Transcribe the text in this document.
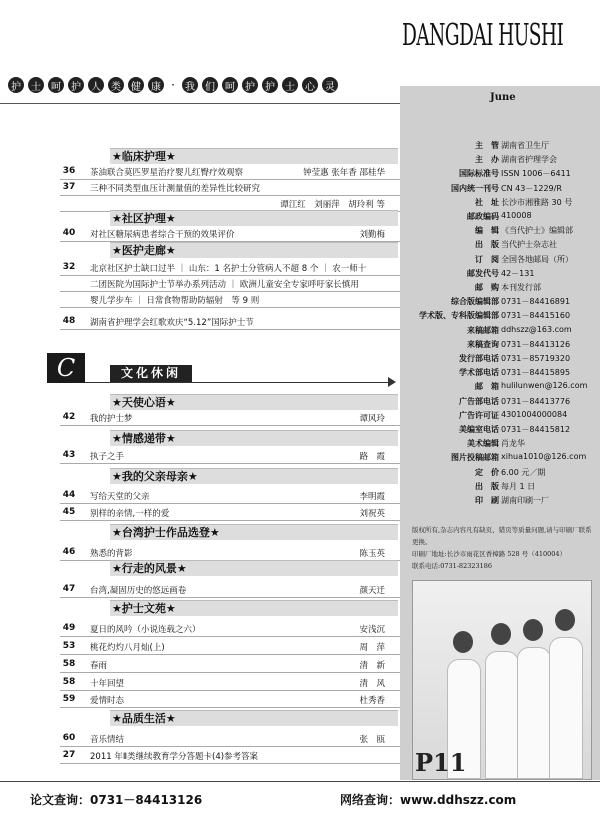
DANGDAI HUSHI
June
护	士	呵	护	人	类	健	康 ·	我	们	呵	护	护	士	心	灵
★临床护理★
36	茶油联合莫匹罗星治疗婴儿红臀疗效观察	钟莹惠 张年香 邵桂华
37	三种不同类型血压计测量值的差异性比较研究
谭江红　刘丽萍　胡玲利 等
★社区护理★
40	对社区糖尿病患者综合干预的效果评价	刘勤梅
★医护走廊★
32	北京社区护士缺口过半 ｜ 山东：1 名护士分管病人不超 8 个 ｜ 农一师十
二团医院为国际护士节举办系列活动 ｜ 欧洲儿童安全专家呼吁家长慎用
婴儿学步车 ｜ 日常食物帮助防辐射　等 9 则
48	湖南省护理学会红歌欢庆“5.12”国际护士节
★天使心语★
42	我的护士梦	谭风玲
★情感递带★
43	执子之手	路　霞
★我的父亲母亲★
44	写给天堂的父亲	李明霞
45	别样的亲情,一样的爱	刘祝英
★台湾护士作品选登★
46	熟悉的背影	陈玉英
★行走的风景★
47	台湾,凝固历史的悠远画卷	颜天迁
★护士文苑★
49	夏日的风吟（小说连载之六）	安浅沉
53	桃花灼灼八月灿(上)	周　萍
58	春雨	清　新
58	十年回望	清　风
59	爱情时态	杜秀香
★品质生活★
60	音乐情结	张　瓯
27	2011 年Ⅱ类继续教育学分答题卡(4)参考答案
C	文化休闲
主　管 湖南省卫生厅
主　办 湖南省护理学会
国际标准号 ISSN 1006－6411
国内统一刊号 CN 43－1229/R
社　址 长沙市湘雅路 30 号
邮政编码 410008
编　辑 《当代护士》编辑部
出　版 当代护士杂志社
订　阅 全国各地邮局（所）
邮发代号 42－131
邮　购 本刊发行部
综合版编辑部 0731－84416891
学术版、专科版编辑部 0731－84415160
来稿邮箱 ddhszz@163.com
来稿查询 0731－84413126
发行部电话 0731－85719320
学术部电话 0731－84415895
邮　箱 hulilunwen@126.com
广告部电话 0731－84413776
广告许可证 4301004000084
美编室电话 0731－84415812
美术编辑 肖龙华
图片投稿邮箱 xihua1010@126.com
定　价 6.00 元／期
出　版 每月 1 日
印　刷 湖南印刷一厂
版权所有,杂志内容凡有缺页、错页等质量问题,请与印刷厂联系更换。
印刷厂地址:长沙市雨花区香樟路 528 号（410004）
联系电话:0731-82323186
P11
论文查询：0731－84413126	网络查询：www.ddhszz.com
